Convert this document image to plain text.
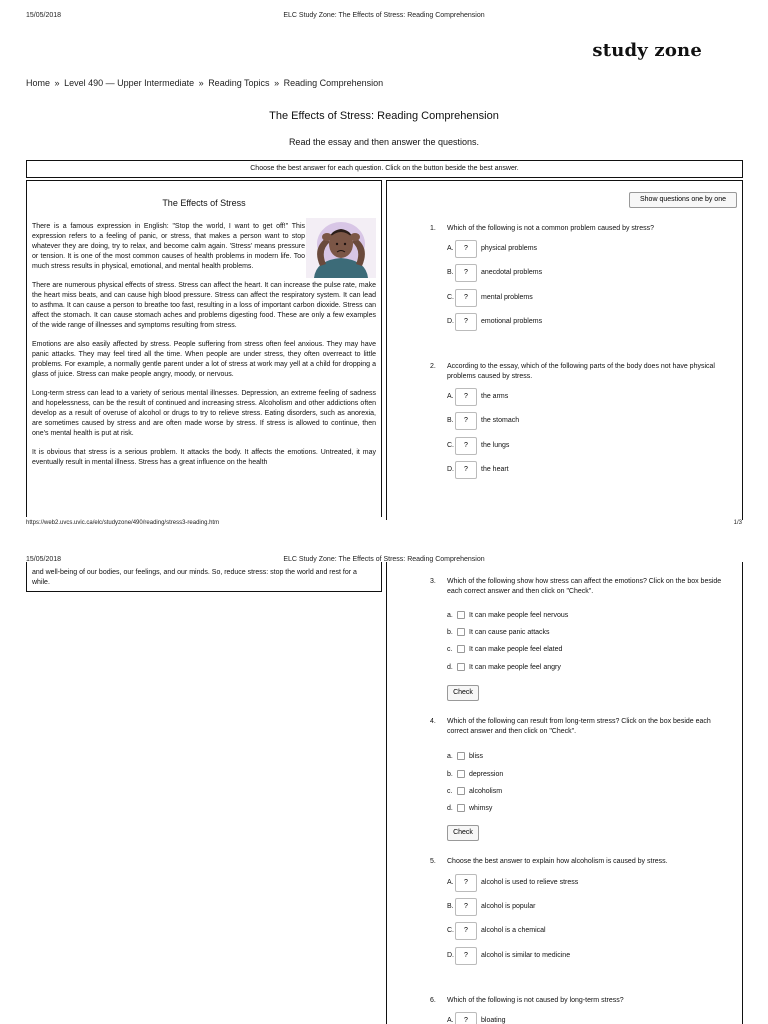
15/05/2018	ELC Study Zone: The Effects of Stress: Reading Comprehension
study zone
Home » Level 490 — Upper Intermediate » Reading Topics » Reading Comprehension
The Effects of Stress: Reading Comprehension
Read the essay and then answer the questions.
Choose the best answer for each question. Click on the button beside the best answer.
The Effects of Stress

There is a famous expression in English: "Stop the world, I want to get off!" This expression refers to a feeling of panic, or stress, that makes a person want to stop whatever they are doing, try to relax, and become calm again. 'Stress' means pressure or tension. It is one of the most common causes of health problems in modern life. Too much stress results in physical, emotional, and mental health problems.

There are numerous physical effects of stress. Stress can affect the heart. It can increase the pulse rate, make the heart miss beats, and can cause high blood pressure. Stress can affect the respiratory system. It can lead to asthma. It can cause a person to breathe too fast, resulting in a loss of important carbon dioxide. Stress can affect the stomach. It can cause stomach aches and problems digesting food. These are only a few examples of the wide range of illnesses and symptoms resulting from stress.

Emotions are also easily affected by stress. People suffering from stress often feel anxious. They may have panic attacks. They may feel tired all the time. When people are under stress, they often overreact to little problems. For example, a normally gentle parent under a lot of stress at work may yell at a child for dropping a glass of juice. Stress can make people angry, moody, or nervous.

Long-term stress can lead to a variety of serious mental illnesses. Depression, an extreme feeling of sadness and hopelessness, can be the result of continued and increasing stress. Alcoholism and other addictions often develop as a result of overuse of alcohol or drugs to try to relieve stress. Eating disorders, such as anorexia, are sometimes caused by stress and are often made worse by stress. If stress is allowed to continue, then one's mental health is put at risk.

It is obvious that stress is a serious problem. It attacks the body. It affects the emotions. Untreated, it may eventually result in mental illness. Stress has a great influence on the health

Show questions one by one
1. Which of the following is not a common problem caused by stress?
A.	?	physical problems
B.	?	anecdotal problems
C.	?	mental problems
D.	?	emotional problems
2. According to the essay, which of the following parts of the body does not have physical problems caused by stress.
A.	?	the arms
B.	?	the stomach
C.	?	the lungs
D.	?	the heart
https://web2.uvcs.uvic.ca/elc/studyzone/490/reading/stress3-reading.htm	1/3
15/05/2018	ELC Study Zone: The Effects of Stress: Reading Comprehension
and well-being of our bodies, our feelings, and our minds. So, reduce stress: stop the world and rest for a while.	3. Which of the following show how stress can affect the emotions? Click on the box beside each correct answer and then click on "Check".
a. It can make people feel nervous
b. It can cause panic attacks
c. It can make people feel elated
d. It can make people feel angry
Check
4. Which of the following can result from long-term stress? Click on the box beside each correct answer and then click on "Check".
a. bliss
b. depression
c. alcoholism
d. whimsy
Check
5. Choose the best answer to explain how alcoholism is caused by stress.
A.	?	alcohol is used to relieve stress
B.	?	alcohol is popular
C.	?	alcohol is a chemical
D.	?	alcohol is similar to medicine
6. Which of the following is not caused by long-term stress?
A.	?	bloating
